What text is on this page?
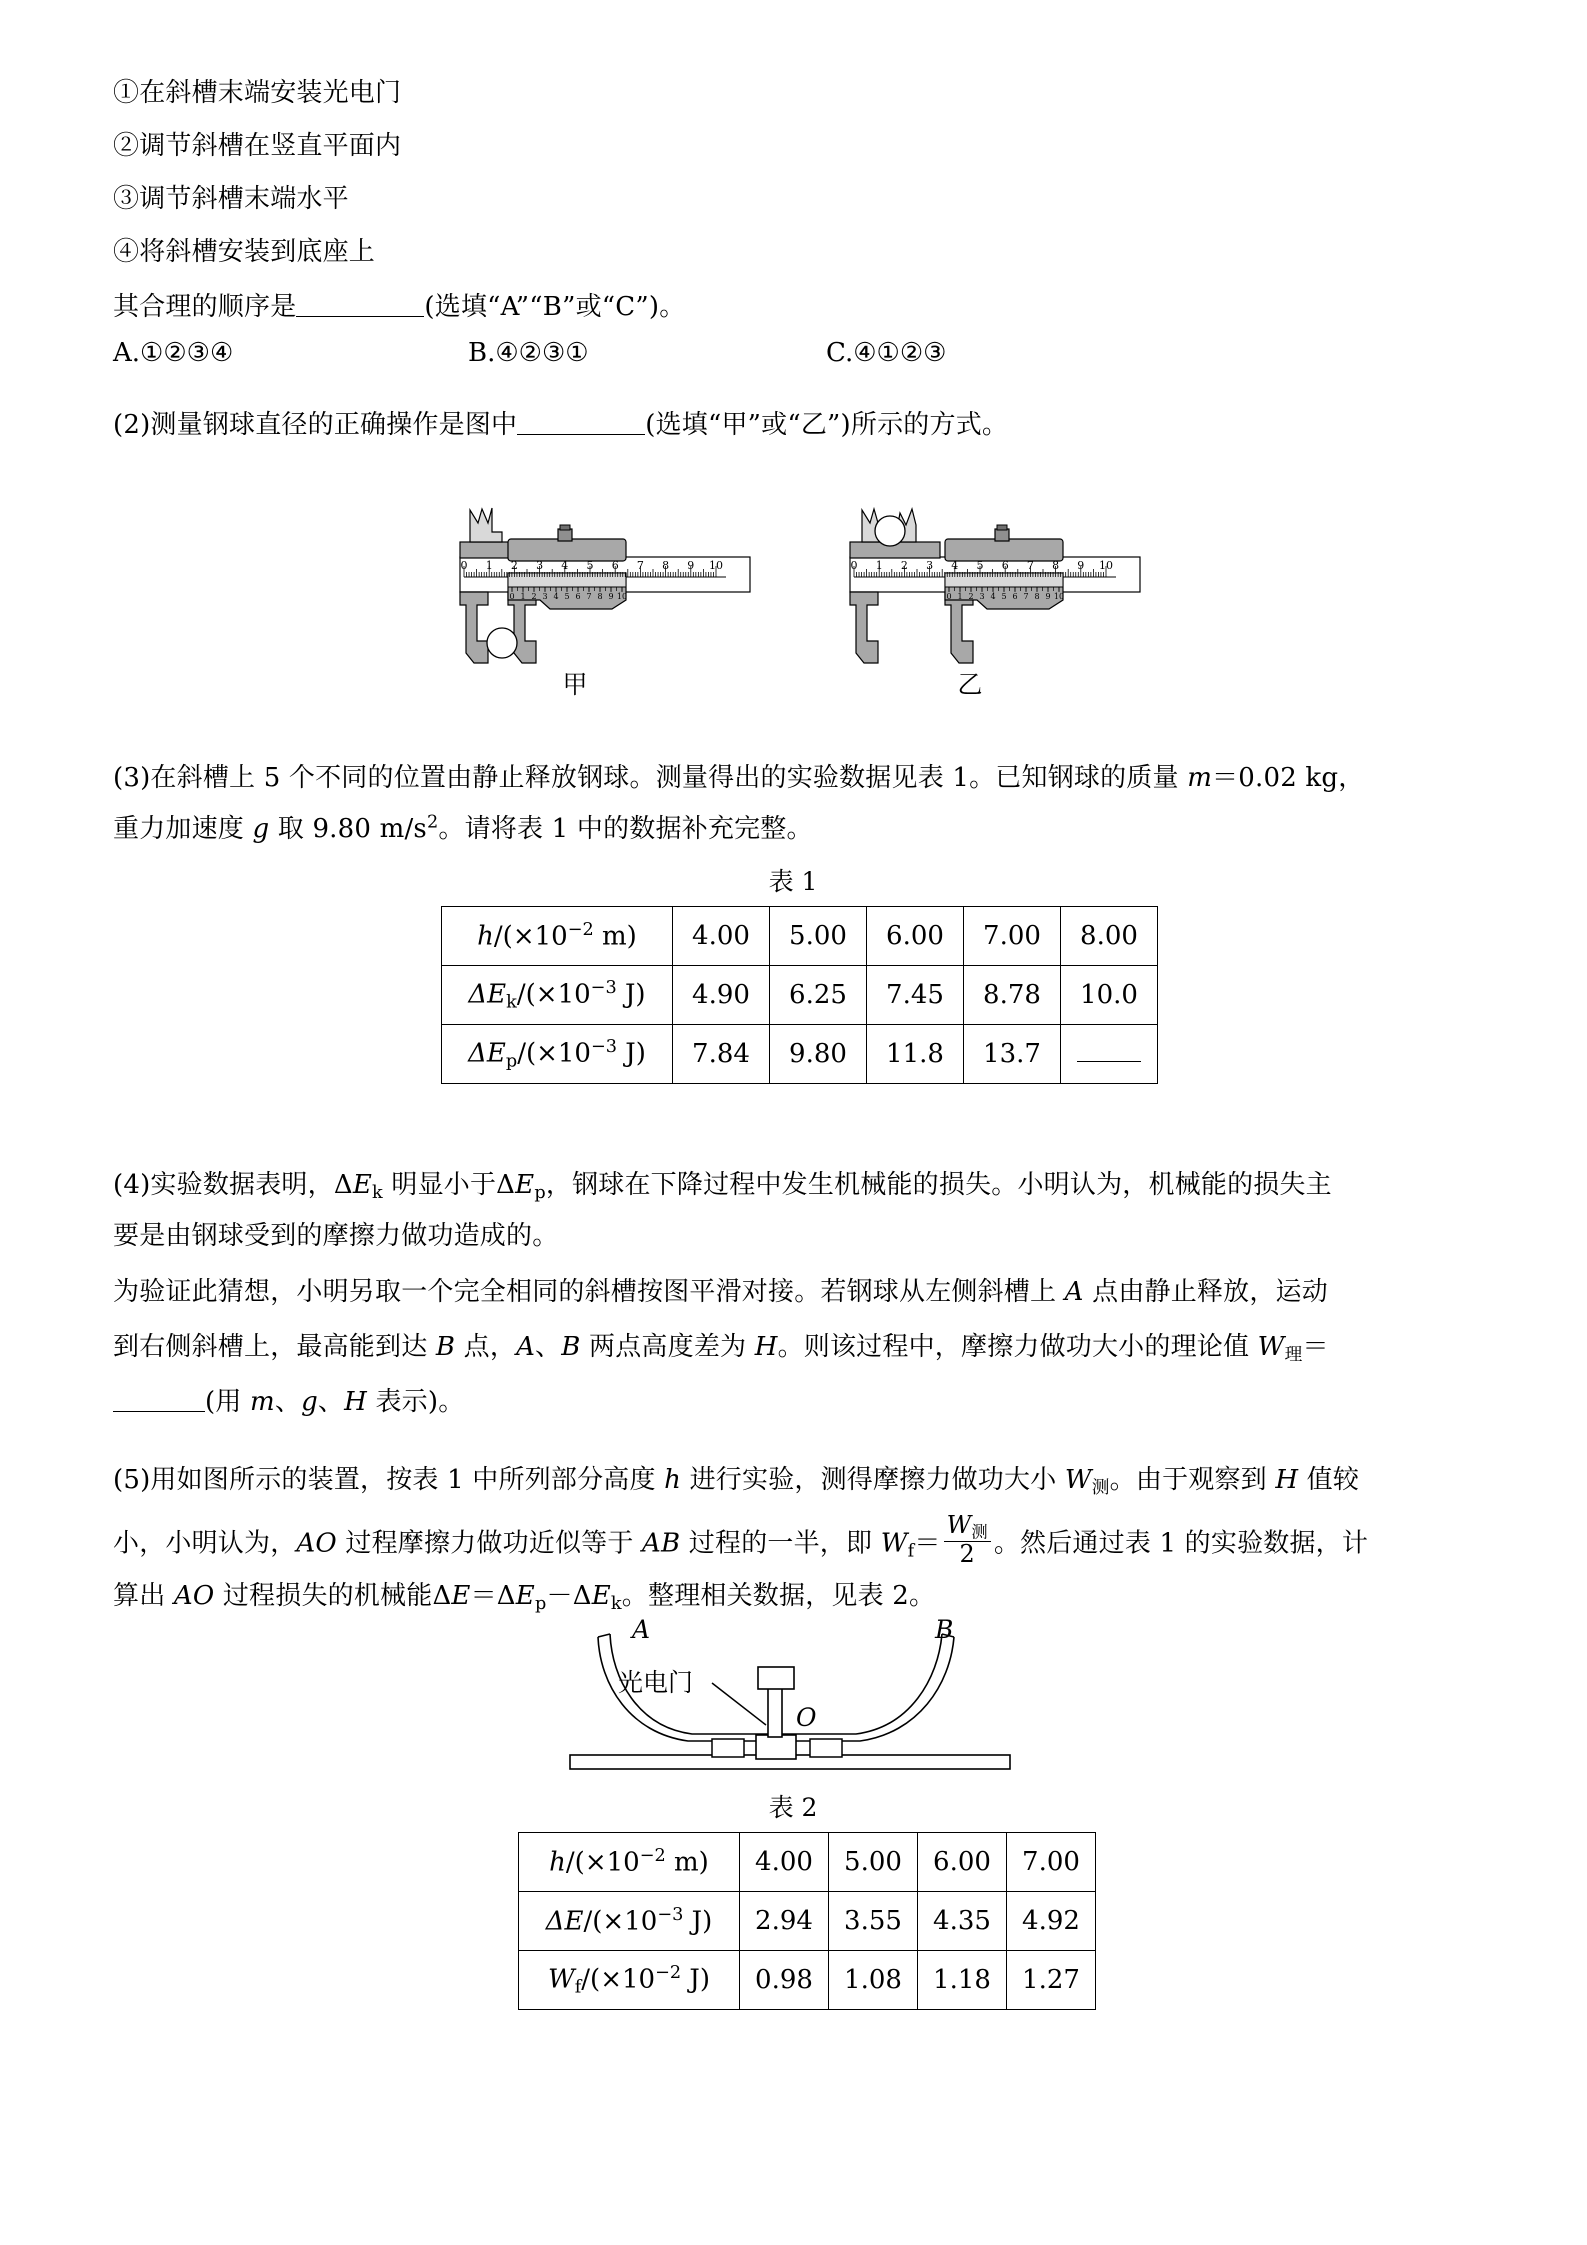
①在斜槽末端安装光电门
②调节斜槽在竖直平面内
③调节斜槽末端水平
④将斜槽安装到底座上
其合理的顺序是	(选填“A”“B”或“C”)。
A.①②③④	B.④②③①	C.④①②③
(2)测量钢球直径的正确操作是图中	(选填“甲”或“乙”)所示的方式。
0 1 2 3 4 5 6 7 8 9 10
0 1 2 3 4 5 6 7 8 9 10
0 1 2 3 4 5 6 7 8 9 10
0 1 2 3 4 5 6 7 8 9 10
甲	乙
(3)在斜槽上 5 个不同的位置由静止释放钢球。测量得出的实验数据见表 1。已知钢球的质量 m＝0.02 kg，
重力加速度 g 取 9.80 $m/s^2$。请将表 1 中的数据补充完整。
表 1
$h/(\times 10^{-2}$ m)	4.00	5.00	6.00	7.00	8.00
$\Delta E_k/(\times 10^{-3}$ J)	4.90	6.25	7.45	8.78	10.0
$\Delta E_p/(\times 10^{-3}$ J)	7.84	9.80	11.8	13.7	
(4)实验数据表明，$\Delta E_k$ 明显小于$\Delta E_p$，钢球在下降过程中发生机械能的损失。小明认为，机械能的损失主
要是由钢球受到的摩擦力做功造成的。
为验证此猜想，小明另取一个完全相同的斜槽按图平滑对接。若钢球从左侧斜槽上 A 点由静止释放，运动
到右侧斜槽上，最高能到达 B 点，A、B 两点高度差为 H。则该过程中，摩擦力做功大小的理论值 $W_理=$
(用 m、g、H 表示)。
(5)用如图所示的装置，按表 1 中所列部分高度 h 进行实验，测得摩擦力做功大小 $W_测$。由于观察到 H 值较
小，小明认为，AO 过程摩擦力做功近似等于 AB 过程的一半，即 $W_f= \frac{W_测}{2}$ 。然后通过表 1 的实验数据，计
算出 AO 过程损失的机械能$\Delta E=\Delta E_p-\Delta E_k$。整理相关数据，见表 2。
A	B
O
光电门
表 2
$h/(\times 10^{-2}$ m)	4.00	5.00	6.00	7.00
$\Delta E/(\times 10^{-3}$ J)	2.94	3.55	4.35	4.92
$W_f/(\times 10^{-2}$ J)	0.98	1.08	1.18	1.27
